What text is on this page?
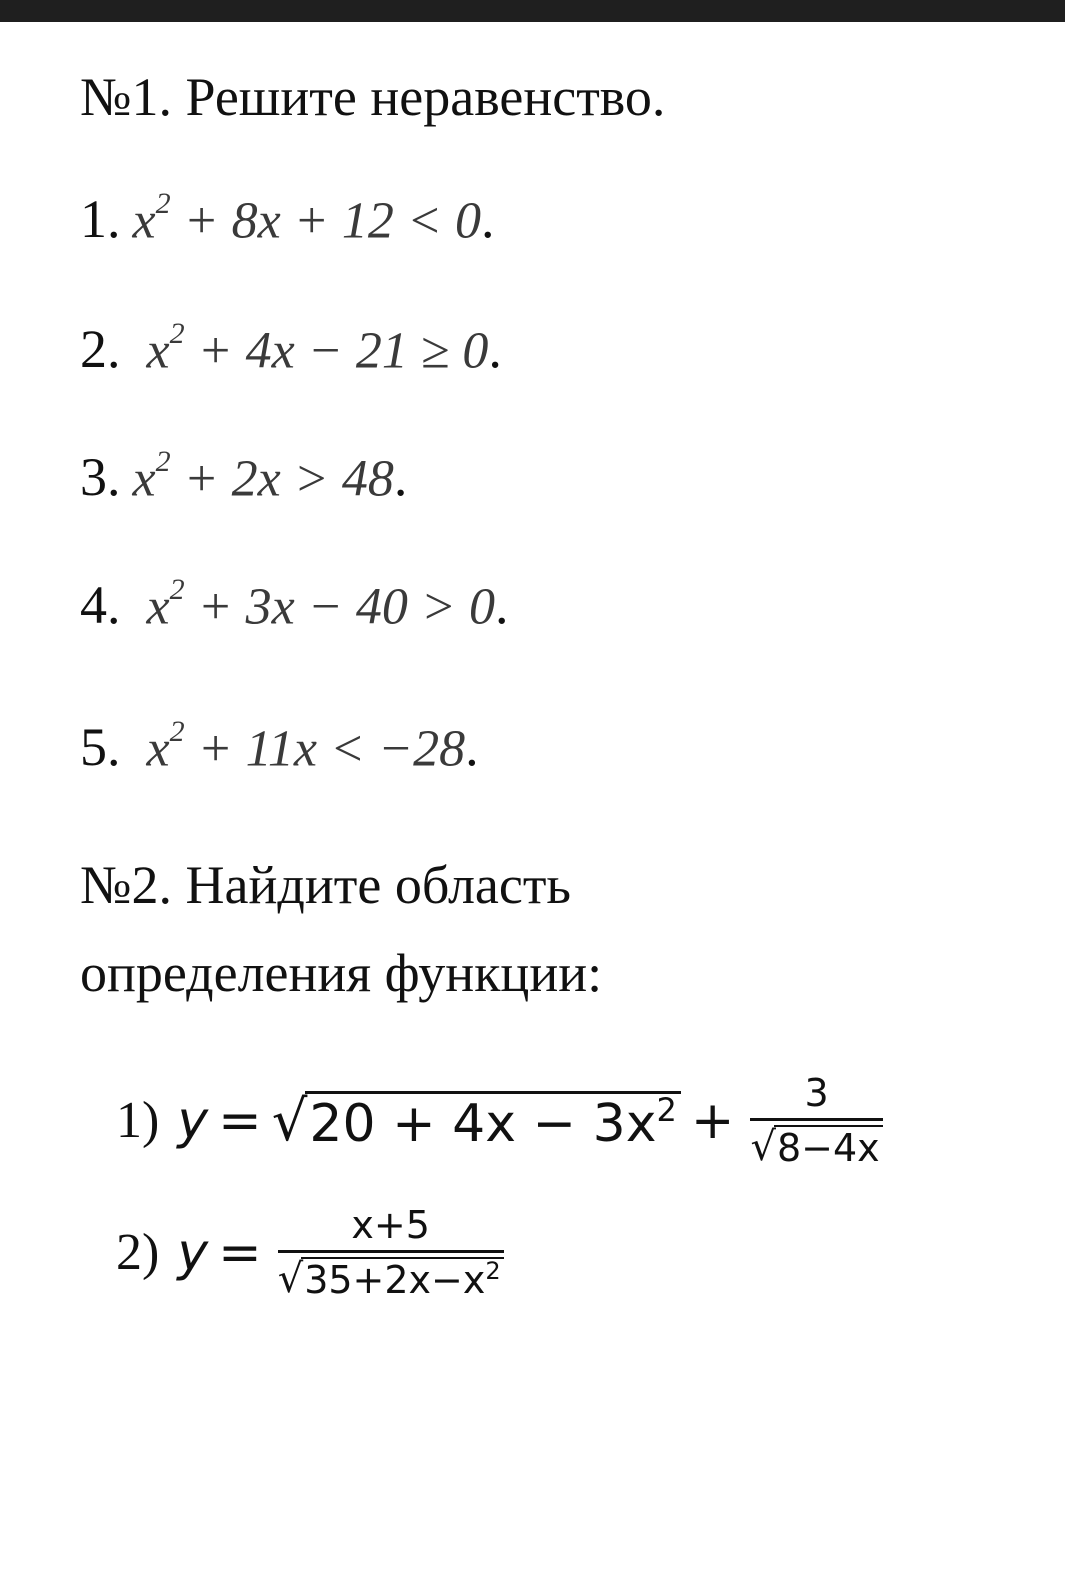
№1. Решите неравенство.
1. $x^2 + 8x + 12 < 0$.
2. $x^2 + 4x - 21 \ge 0$.
3. $x^2 + 2x > 48$.
4. $x^2 + 3x - 40 > 0$.
5. $x^2 + 11x < -28$.
№2. Найдите область
определения функции:
1) y = √ $20 + 4x - 3x^2 + \frac{3}{√ 8-4x}$
2) $y = \frac{x+5}{√ 35+2x-x^2}$
